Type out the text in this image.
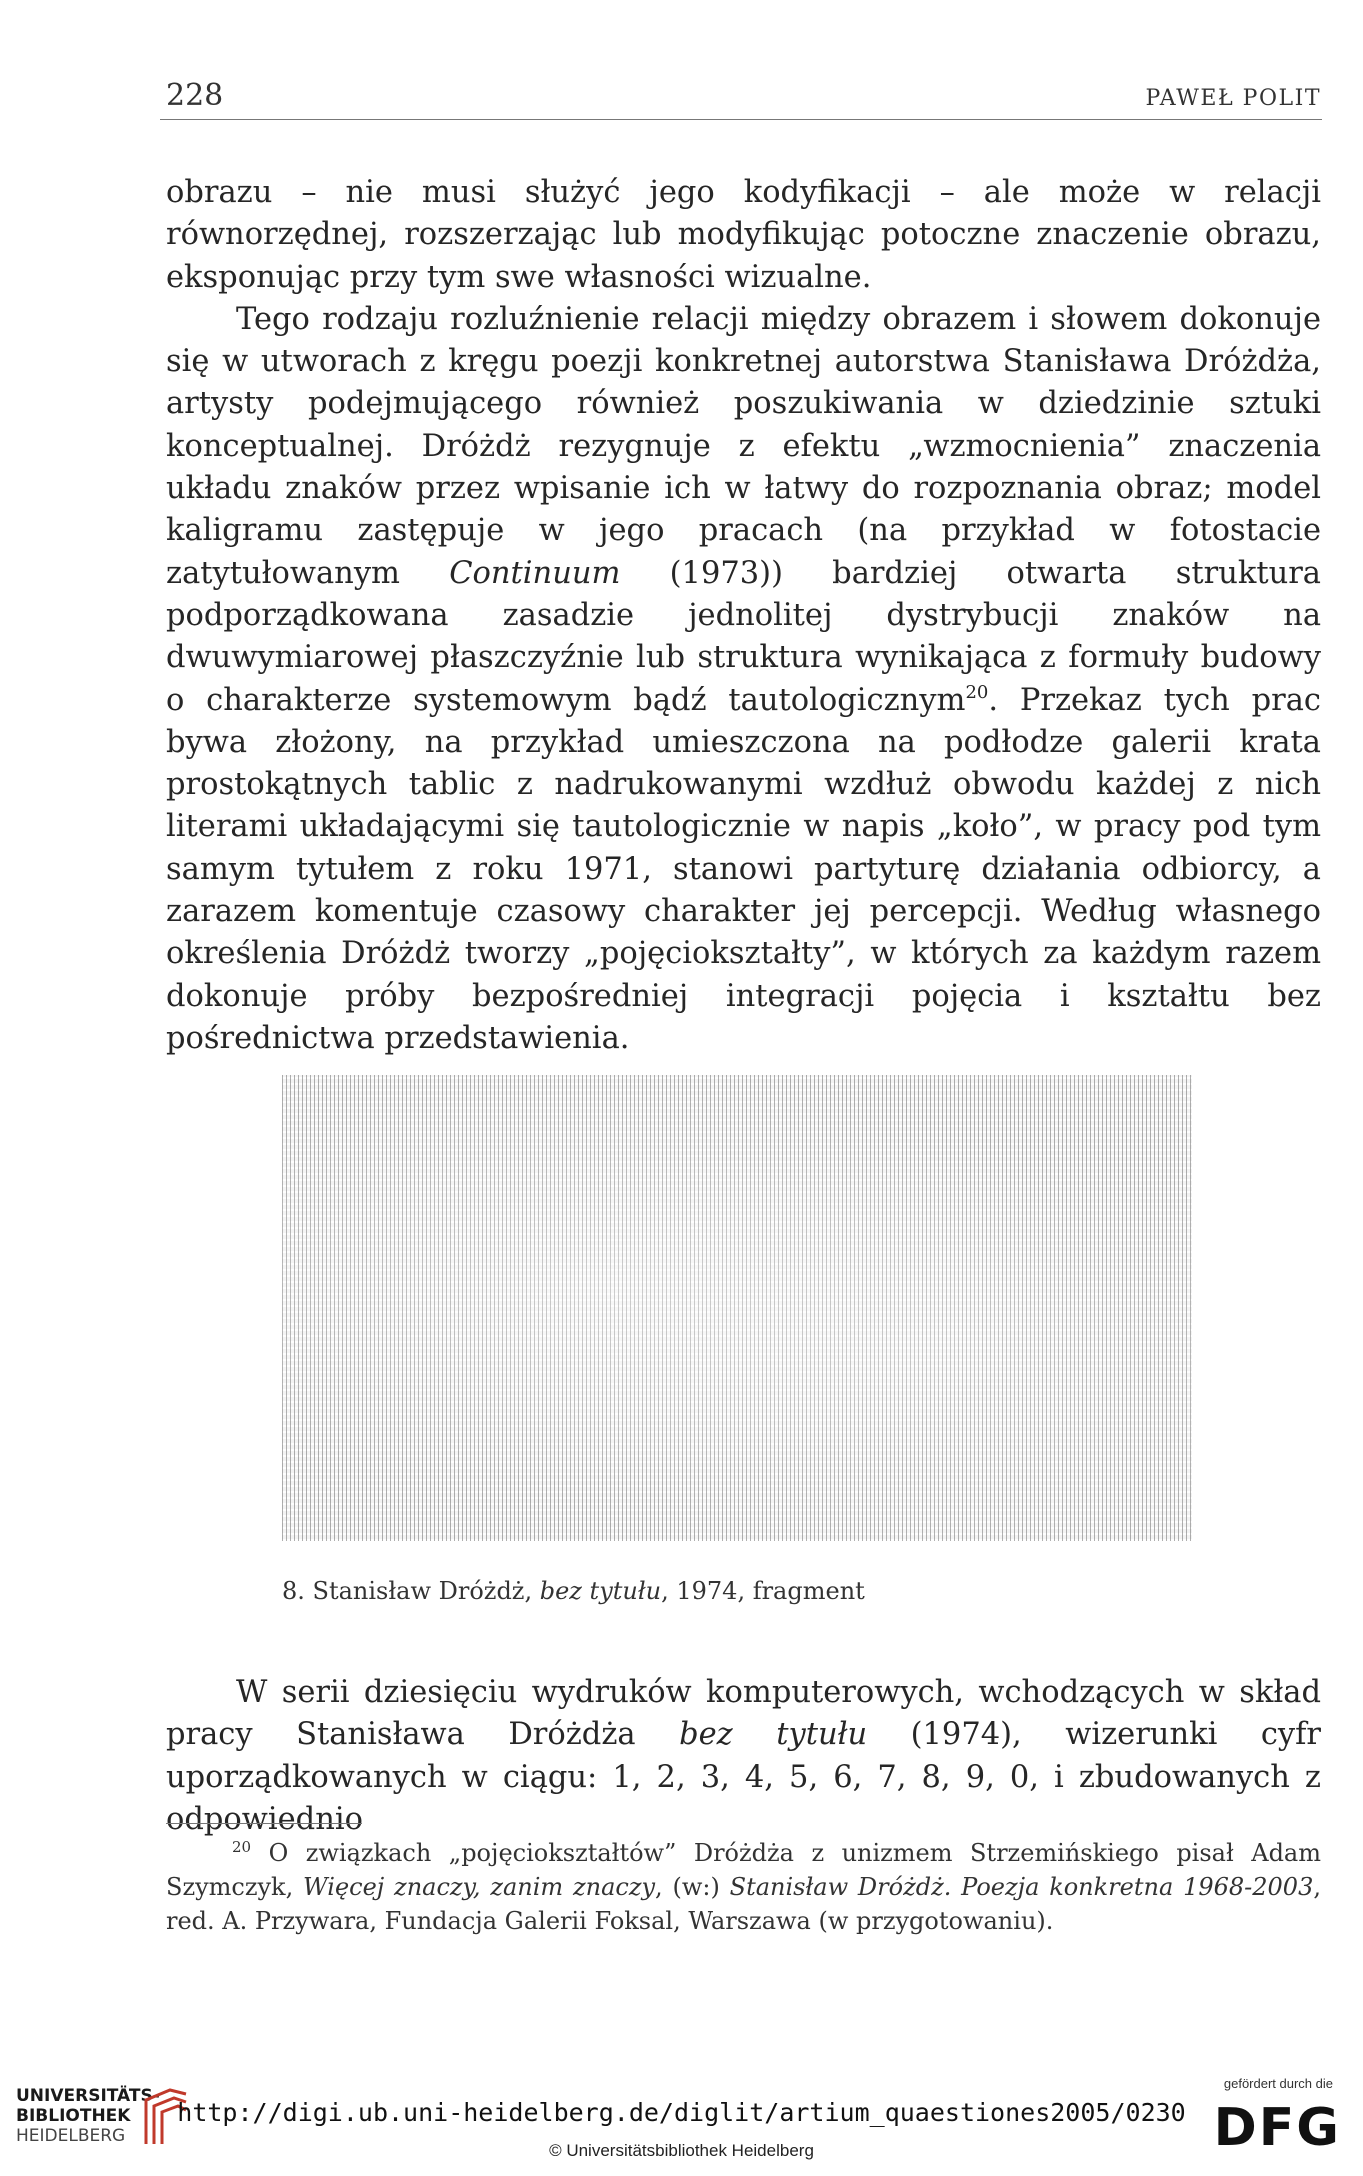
228	PAWEŁ POLIT

obrazu – nie musi służyć jego kodyfikacji – ale może w relacji równorzędnej, rozszerzając lub modyfikując potoczne znaczenie obrazu, eksponując przy tym swe własności wizualne.

Tego rodzaju rozluźnienie relacji między obrazem i słowem dokonuje się w utworach z kręgu poezji konkretnej autorstwa Stanisława Dróżdża, artysty podejmującego również poszukiwania w dziedzinie sztuki konceptualnej. Dróżdż rezygnuje z efektu „wzmocnienia” znaczenia układu znaków przez wpisanie ich w łatwy do rozpoznania obraz; model kaligramu zastępuje w jego pracach (na przykład w fotostacie zatytułowanym Continuum (1973)) bardziej otwarta struktura podporządkowana zasadzie jednolitej dystrybucji znaków na dwuwymiarowej płaszczyźnie lub struktura wynikająca z formuły budowy o charakterze systemowym bądź tautologicznym$^{20}$. Przekaz tych prac bywa złożony, na przykład umieszczona na podłodze galerii krata prostokątnych tablic z nadrukowanymi wzdłuż obwodu każdej z nich literami układającymi się tautologicznie w napis „koło”, w pracy pod tym samym tytułem z roku 1971, stanowi partyturę działania odbiorcy, a zarazem komentuje czasowy charakter jej percepcji. Według własnego określenia Dróżdż tworzy „pojęciokształty”, w których za każdym razem dokonuje próby bezpośredniej integracji pojęcia i kształtu bez pośrednictwa przedstawienia.

8. Stanisław Dróżdż, bez tytułu, 1974, fragment

W serii dziesięciu wydruków komputerowych, wchodzących w skład pracy Stanisława Dróżdża bez tytułu (1974), wizerunki cyfr uporządkowanych w ciągu: 1, 2, 3, 4, 5, 6, 7, 8, 9, 0, i zbudowanych z odpowiednio

$^{20}$ O związkach „pojęciokształtów” Dróżdża z unizmem Strzemińskiego pisał Adam Szymczyk, Więcej znaczy, zanim znaczy, (w:) Stanisław Dróżdż. Poezja konkretna 1968-2003, red. A. Przywara, Fundacja Galerii Foksal, Warszawa (w przygotowaniu).

UNIVERSITÄTS-
BIBLIOTHEK
HEIDELBERG
http://digi.ub.uni-heidelberg.de/diglit/artium_quaestiones2005/0230
© Universitätsbibliothek Heidelberg
gefördert durch die
DFG
